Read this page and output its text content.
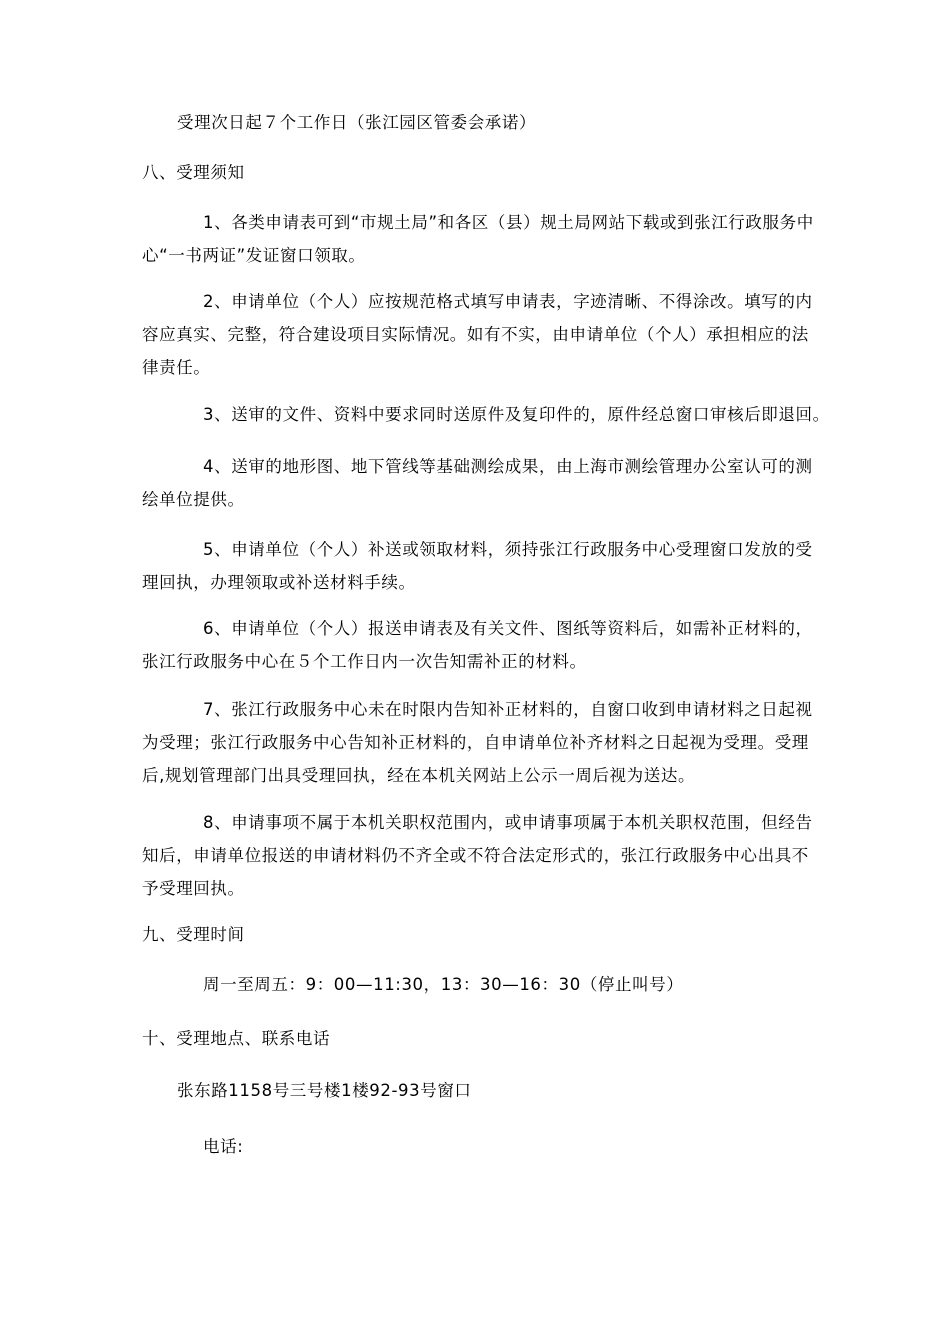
受理次日起７个工作日（张江园区管委会承诺）
八、受理须知
1、各类申请表可到“市规土局”和各区（县）规土局网站下载或到张江行政服务中心“一书两证”发证窗口领取。
2、申请单位（个人）应按规范格式填写申请表，字迹清晰、不得涂改。填写的内容应真实、完整，符合建设项目实际情况。如有不实，由申请单位（个人）承担相应的法律责任。
3、送审的文件、资料中要求同时送原件及复印件的，原件经总窗口审核后即退回。
4、送审的地形图、地下管线等基础测绘成果，由上海市测绘管理办公室认可的测绘单位提供。
5、申请单位（个人）补送或领取材料，须持张江行政服务中心受理窗口发放的受理回执，办理领取或补送材料手续。
6、申请单位（个人）报送申请表及有关文件、图纸等资料后，如需补正材料的，张江行政服务中心在５个工作日内一次告知需补正的材料。
7、张江行政服务中心未在时限内告知补正材料的，自窗口收到申请材料之日起视为受理；张江行政服务中心告知补正材料的，自申请单位补齐材料之日起视为受理。受理后,规划管理部门出具受理回执，经在本机关网站上公示一周后视为送达。
8、申请事项不属于本机关职权范围内，或申请事项属于本机关职权范围，但经告知后，申请单位报送的申请材料仍不齐全或不符合法定形式的，张江行政服务中心出具不予受理回执。
九、受理时间
周一至周五：9：00—11:30，13：30—16：30（停止叫号）
十、受理地点、联系电话
张东路1158号三号楼1楼92-93号窗口
电话:
